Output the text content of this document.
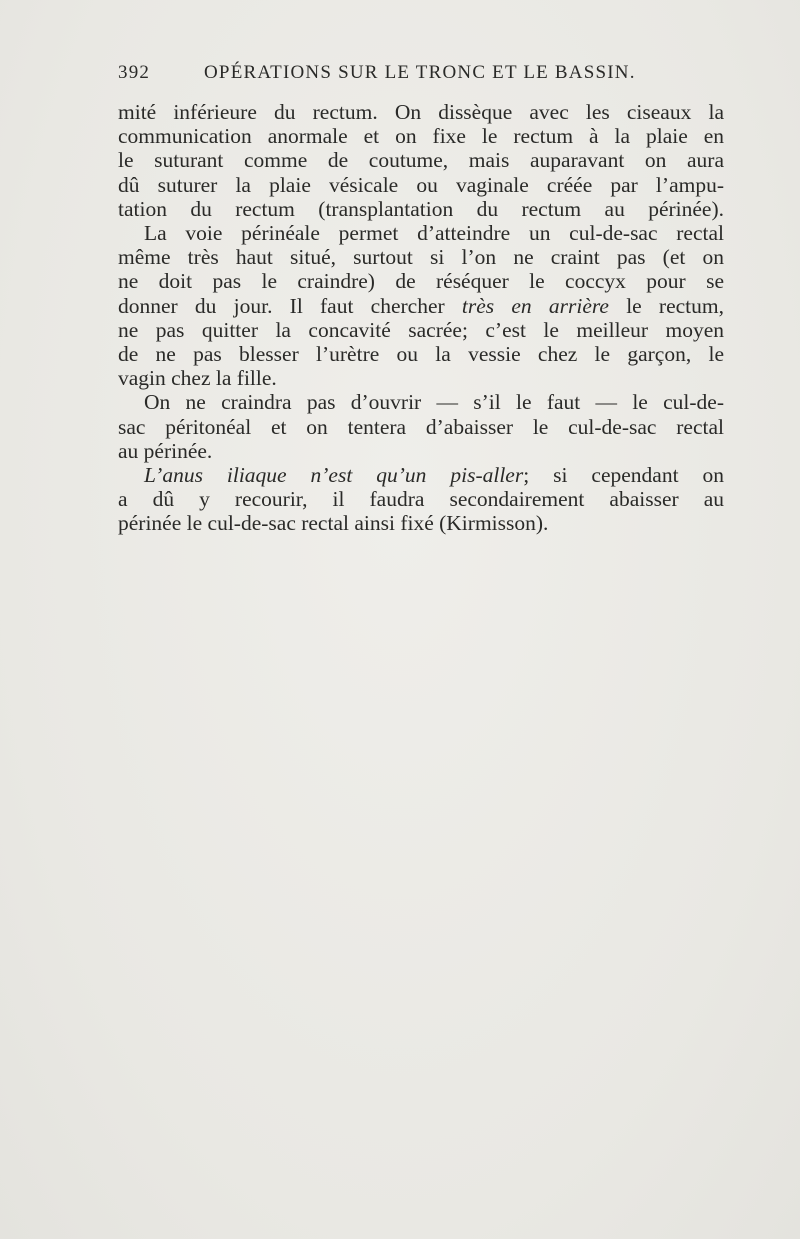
392	OPÉRATIONS SUR LE TRONC ET LE BASSIN.
mité inférieure du rectum. On dissèque avec les ciseaux la
communication anormale et on fixe le rectum à la plaie en
le suturant comme de coutume, mais auparavant on aura
dû suturer la plaie vésicale ou vaginale créée par l’ampu-
tation du rectum (transplantation du rectum au périnée).
La voie périnéale permet d’atteindre un cul-de-sac rectal
même très haut situé, surtout si l’on ne craint pas (et on
ne doit pas le craindre) de réséquer le coccyx pour se
donner du jour. Il faut chercher très en arrière le rectum,
ne pas quitter la concavité sacrée; c’est le meilleur moyen
de ne pas blesser l’urètre ou la vessie chez le garçon, le
vagin chez la fille.
On ne craindra pas d’ouvrir — s’il le faut — le cul-de-
sac péritonéal et on tentera d’abaisser le cul-de-sac rectal
au périnée.
L’anus iliaque n’est qu’un pis-aller; si cependant on
a dû y recourir, il faudra secondairement abaisser au
périnée le cul-de-sac rectal ainsi fixé (Kirmisson).
